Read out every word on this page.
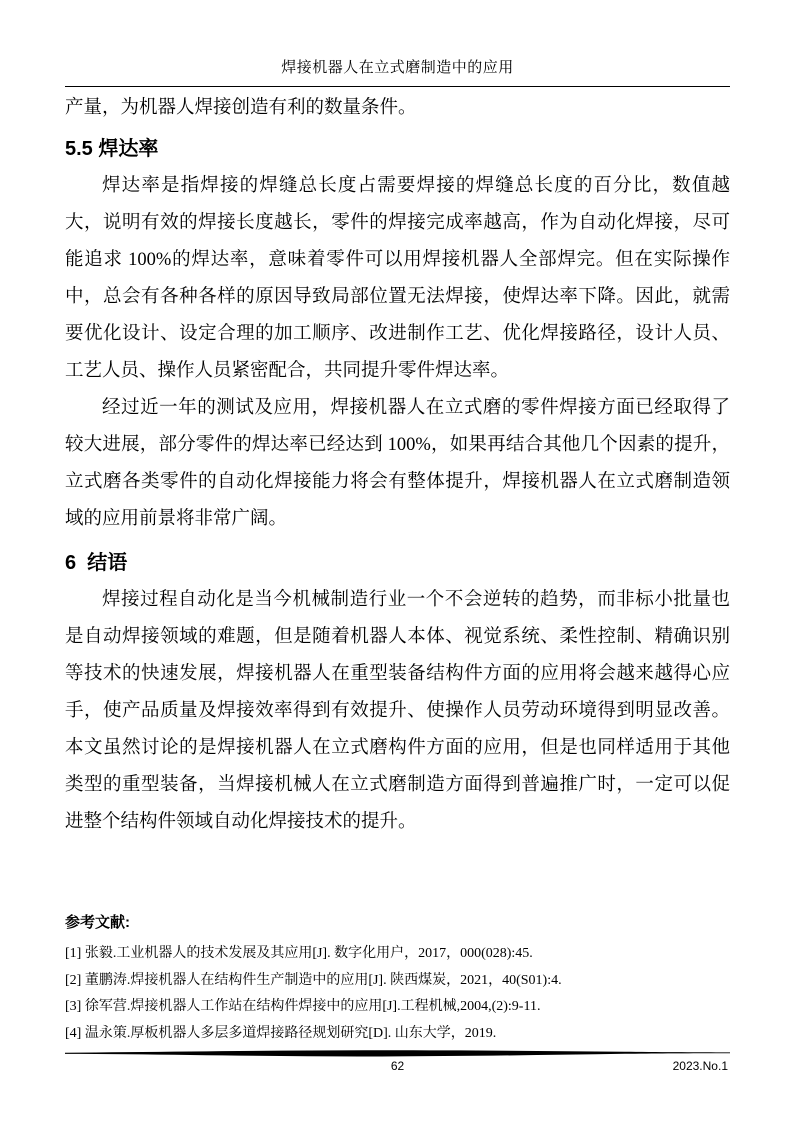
焊接机器人在立式磨制造中的应用

产量，为机器人焊接创造有利的数量条件。

5.5 焊达率

焊达率是指焊接的焊缝总长度占需要焊接的焊缝总长度的百分比，数值越大，说明有效的焊接长度越长，零件的焊接完成率越高，作为自动化焊接，尽可能追求 100%的焊达率，意味着零件可以用焊接机器人全部焊完。但在实际操作中，总会有各种各样的原因导致局部位置无法焊接，使焊达率下降。因此，就需要优化设计、设定合理的加工顺序、改进制作工艺、优化焊接路径，设计人员、工艺人员、操作人员紧密配合，共同提升零件焊达率。

经过近一年的测试及应用，焊接机器人在立式磨的零件焊接方面已经取得了较大进展，部分零件的焊达率已经达到 100%，如果再结合其他几个因素的提升，立式磨各类零件的自动化焊接能力将会有整体提升，焊接机器人在立式磨制造领域的应用前景将非常广阔。

6  结语

焊接过程自动化是当今机械制造行业一个不会逆转的趋势，而非标小批量也是自动焊接领域的难题，但是随着机器人本体、视觉系统、柔性控制、精确识别等技术的快速发展，焊接机器人在重型装备结构件方面的应用将会越来越得心应手，使产品质量及焊接效率得到有效提升、使操作人员劳动环境得到明显改善。本文虽然讨论的是焊接机器人在立式磨构件方面的应用，但是也同样适用于其他类型的重型装备，当焊接机械人在立式磨制造方面得到普遍推广时，一定可以促进整个结构件领域自动化焊接技术的提升。

参考文献:
[1] 张毅.工业机器人的技术发展及其应用[J]. 数字化用户，2017，000(028):45.
[2] 董鹏涛.焊接机器人在结构件生产制造中的应用[J]. 陕西煤炭，2021，40(S01):4.
[3] 徐军营.焊接机器人工作站在结构件焊接中的应用[J].工程机械,2004,(2):9-11.
[4] 温永策.厚板机器人多层多道焊接路径规划研究[D]. 山东大学，2019.
62	2023.No.1
